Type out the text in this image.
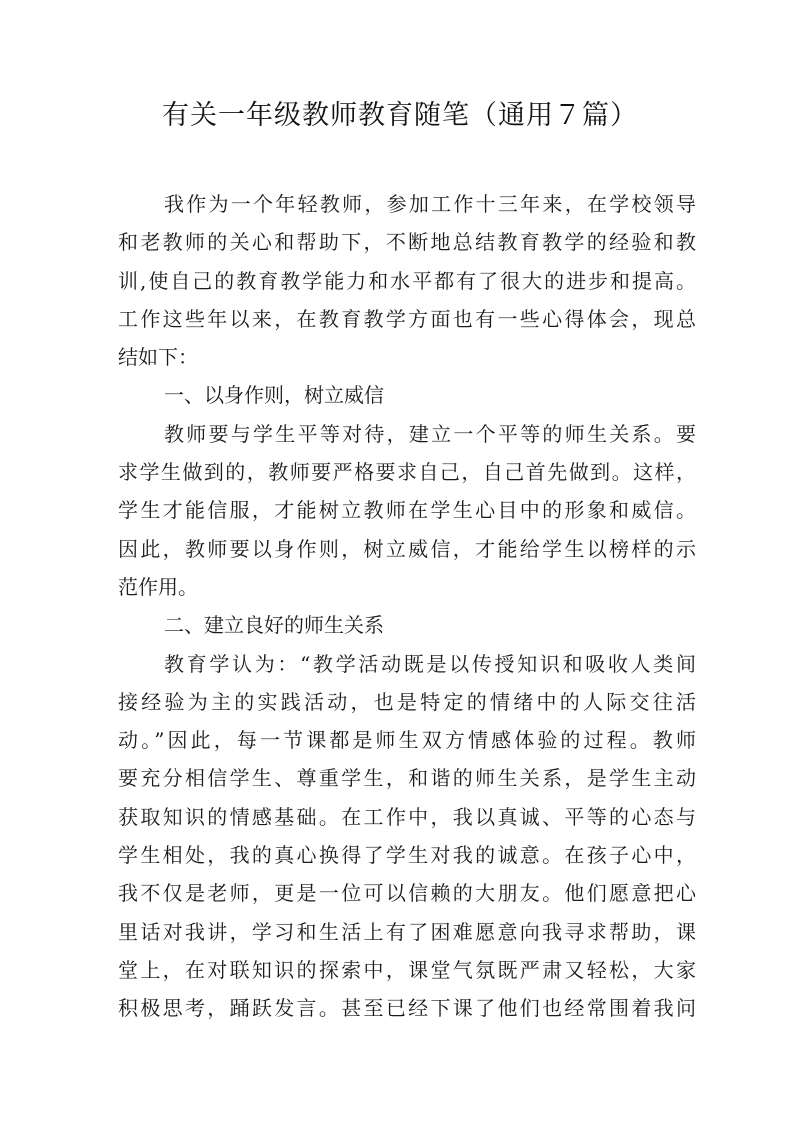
有关一年级教师教育随笔（通用７篇）
我作为一个年轻教师，参加工作十三年来，在学校领导
和老教师的关心和帮助下，不断地总结教育教学的经验和教
训,使自己的教育教学能力和水平都有了很大的进步和提高。
工作这些年以来，在教育教学方面也有一些心得体会，现总
结如下：
一、以身作则，树立威信
教师要与学生平等对待，建立一个平等的师生关系。要
求学生做到的，教师要严格要求自己，自己首先做到。这样，
学生才能信服，才能树立教师在学生心目中的形象和威信。
因此，教师要以身作则，树立威信，才能给学生以榜样的示
范作用。
二、建立良好的师生关系
教育学认为：“教学活动既是以传授知识和吸收人类间
接经验为主的实践活动，也是特定的情绪中的人际交往活
动。”因此，每一节课都是师生双方情感体验的过程。教师
要充分相信学生、尊重学生，和谐的师生关系，是学生主动
获取知识的情感基础。在工作中，我以真诚、平等的心态与
学生相处，我的真心换得了学生对我的诚意。在孩子心中，
我不仅是老师，更是一位可以信赖的大朋友。他们愿意把心
里话对我讲，学习和生活上有了困难愿意向我寻求帮助，课
堂上，在对联知识的探索中，课堂气氛既严肃又轻松，大家
积极思考，踊跃发言。甚至已经下课了他们也经常围着我问
